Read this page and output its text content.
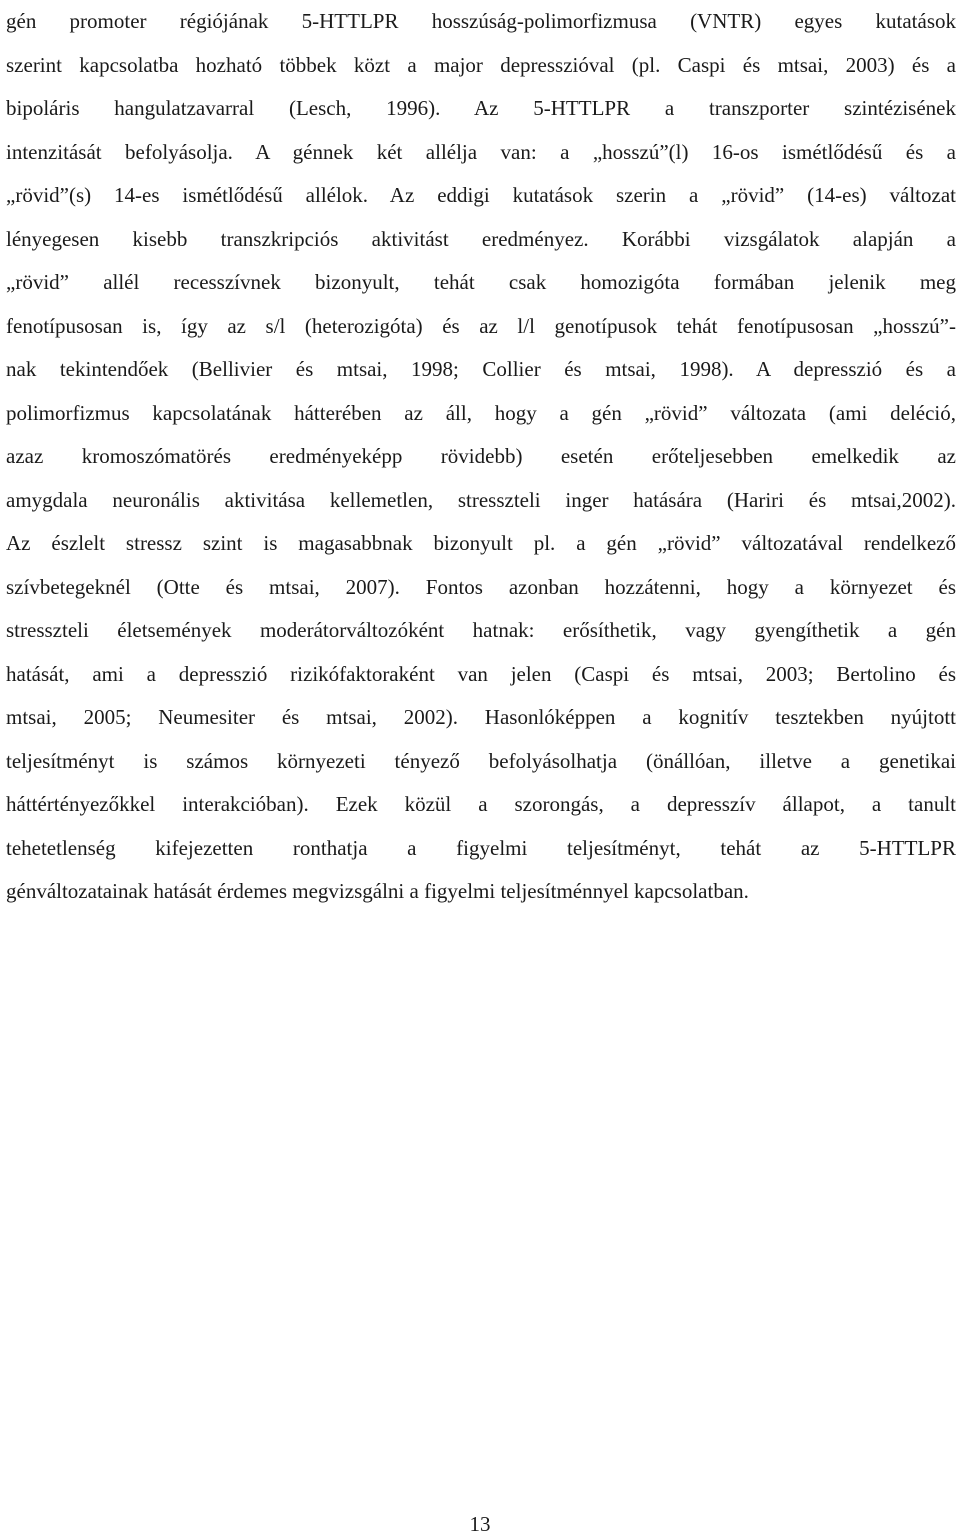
gén promoter régiójának 5-HTTLPR hosszúság-polimorfizmusa (VNTR) egyes kutatások
szerint kapcsolatba hozható többek közt a major depresszióval (pl. Caspi és mtsai, 2003) és a
bipoláris hangulatzavarral (Lesch, 1996). Az 5-HTTLPR a transzporter szintézisének
intenzitását befolyásolja. A génnek két allélja van: a „hosszú”(l) 16-os ismétlődésű és a
„rövid”(s) 14-es ismétlődésű allélok. Az eddigi kutatások szerin a „rövid” (14-es) változat
lényegesen kisebb transzkripciós aktivitást eredményez. Korábbi vizsgálatok alapján a
„rövid” allél recesszívnek bizonyult, tehát csak homozigóta formában jelenik meg
fenotípusosan is, így az s/l (heterozigóta) és az l/l genotípusok tehát fenotípusosan „hosszú”-
nak tekintendőek (Bellivier és mtsai, 1998; Collier és mtsai, 1998). A depresszió és a
polimorfizmus kapcsolatának hátterében az áll, hogy a gén „rövid” változata (ami deléció,
azaz kromoszómatörés eredményeképp rövidebb) esetén erőteljesebben emelkedik az
amygdala neuronális aktivitása kellemetlen, stresszteli inger hatására (Hariri és mtsai,2002).
Az észlelt stressz szint is magasabbnak bizonyult pl. a gén „rövid” változatával rendelkező
szívbetegeknél (Otte és mtsai, 2007). Fontos azonban hozzátenni, hogy a környezet és
stresszteli életsemények moderátorváltozóként hatnak: erősíthetik, vagy gyengíthetik a gén
hatását, ami a depresszió rizikófaktoraként van jelen (Caspi és mtsai, 2003; Bertolino és
mtsai, 2005; Neumesiter és mtsai, 2002). Hasonlóképpen a kognitív tesztekben nyújtott
teljesítményt is számos környezeti tényező befolyásolhatja (önállóan, illetve a genetikai
háttértényezőkkel interakcióban). Ezek közül a szorongás, a depresszív állapot, a tanult
tehetetlenség kifejezetten ronthatja a figyelmi teljesítményt, tehát az 5-HTTLPR
génváltozatainak hatását érdemes megvizsgálni a figyelmi teljesítménnyel kapcsolatban.
13
